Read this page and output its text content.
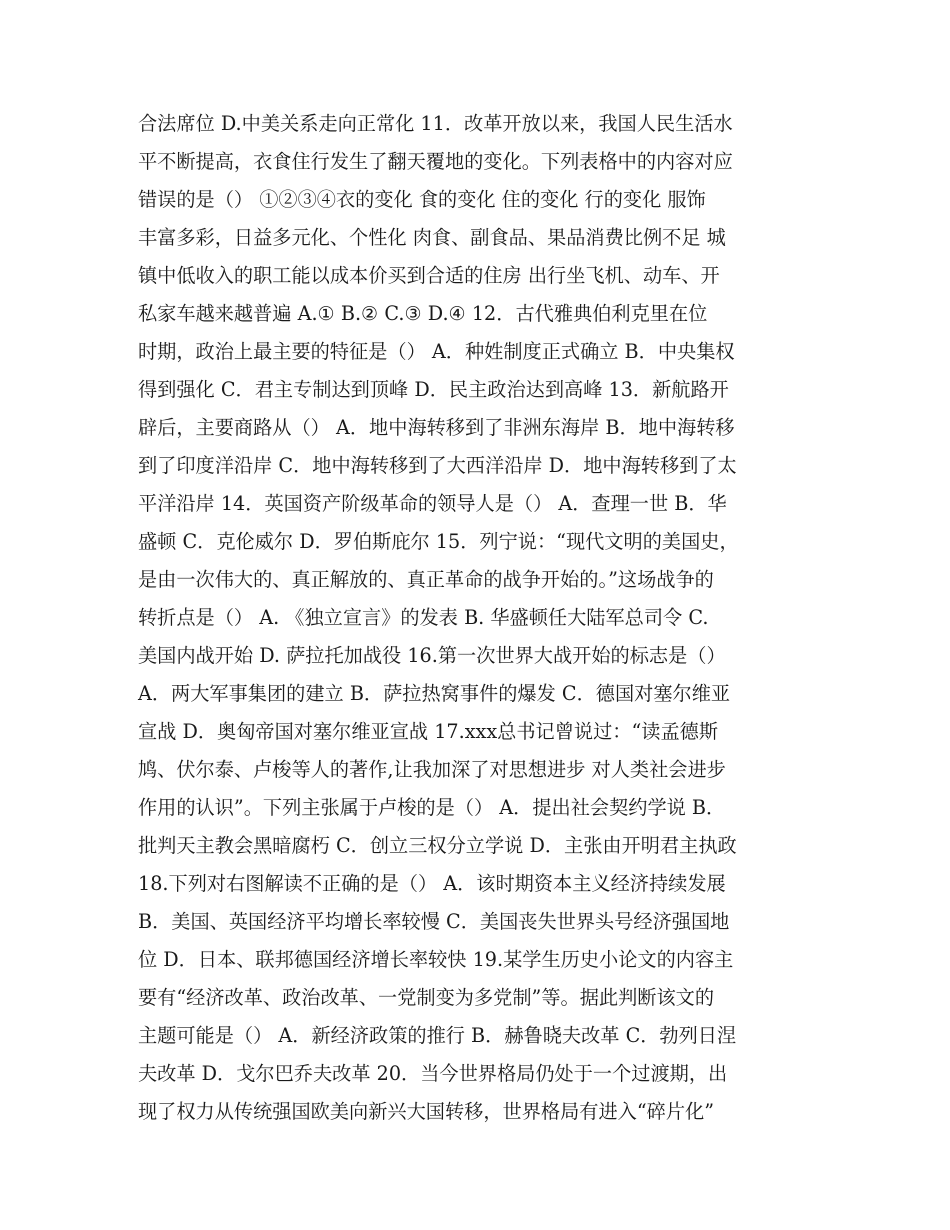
合法席位 D.中美关系走向正常化 11．改革开放以来，我国人民生活水
平不断提高，衣食住行发生了翻天覆地的变化。下列表格中的内容对应
错误的是（） ①②③④衣的变化 食的变化 住的变化 行的变化 服饰
丰富多彩，日益多元化、个性化 肉食、副食品、果品消费比例不足 城
镇中低收入的职工能以成本价买到合适的住房 出行坐飞机、动车、开
私家车越来越普遍 A.① B.② C.③ D.④ 12．古代雅典伯利克里在位
时期，政治上最主要的特征是（） A．种姓制度正式确立 B．中央集权
得到强化 C．君主专制达到顶峰 D．民主政治达到高峰 13．新航路开
辟后，主要商路从（） A．地中海转移到了非洲东海岸 B．地中海转移
到了印度洋沿岸 C．地中海转移到了大西洋沿岸 D．地中海转移到了太
平洋沿岸 14．英国资产阶级革命的领导人是（） A．查理一世 B．华
盛顿 C．克伦威尔 D．罗伯斯庇尔 15．列宁说：“现代文明的美国史，
是由一次伟大的、真正解放的、真正革命的战争开始的。”这场战争的
转折点是（） A. 《独立宣言》的发表 B. 华盛顿任大陆军总司令 C.
美国内战开始 D. 萨拉托加战役 16.第一次世界大战开始的标志是（）
A．两大军事集团的建立 B．萨拉热窝事件的爆发 C．德国对塞尔维亚
宣战 D．奥匈帝国对塞尔维亚宣战 17.xxx总书记曾说过：“读孟德斯
鸠、伏尔泰、卢梭等人的著作,让我加深了对思想进步 对人类社会进步
作用的认识”。下列主张属于卢梭的是（） A．提出社会契约学说 B．
批判天主教会黑暗腐朽 C．创立三权分立学说 D．主张由开明君主执政
18.下列对右图解读不正确的是（） A．该时期资本主义经济持续发展
B．美国、英国经济平均增长率较慢 C．美国丧失世界头号经济强国地
位 D．日本、联邦德国经济增长率较快 19.某学生历史小论文的内容主
要有“经济改革、政治改革、一党制变为多党制”等。据此判断该文的
主题可能是（） A．新经济政策的推行 B．赫鲁晓夫改革 C．勃列日涅
夫改革 D．戈尔巴乔夫改革 20．当今世界格局仍处于一个过渡期，出
现了权力从传统强国欧美向新兴大国转移，世界格局有进入“碎片化”
